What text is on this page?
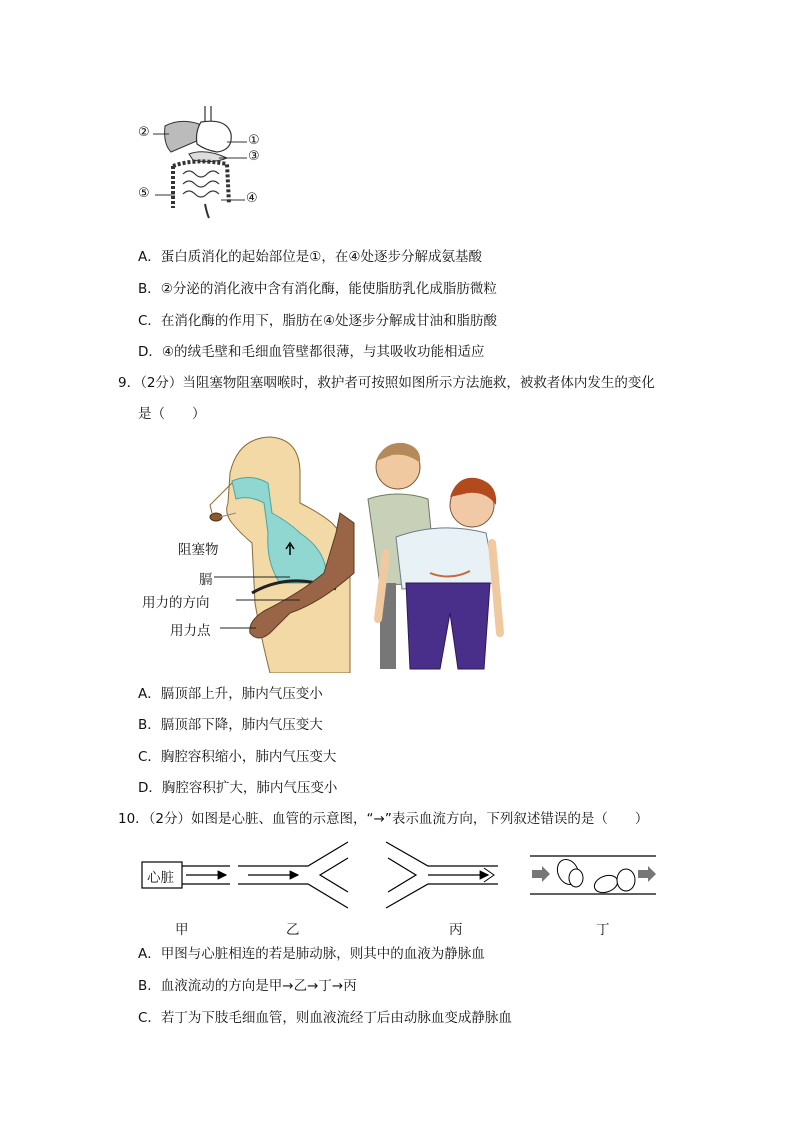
①
②
③
④
⑤
A．蛋白质消化的起始部位是①，在④处逐步分解成氨基酸
B．②分泌的消化液中含有消化酶，能使脂肪乳化成脂肪微粒
C．在消化酶的作用下，脂肪在④处逐步分解成甘油和脂肪酸
D．④的绒毛壁和毛细血管壁都很薄，与其吸收功能相适应
9．（2分）当阻塞物阻塞咽喉时，救护者可按照如图所示方法施救，被救者体内发生的变化
是（　　）
阻塞物
膈
用力的方向
用力点
A．膈顶部上升，肺内气压变小
B．膈顶部下降，肺内气压变大
C．胸腔容积缩小，肺内气压变大
D．胸腔容积扩大，肺内气压变小
10．（2分）如图是心脏、血管的示意图，“→”表示血流方向，下列叙述错误的是（　　）
心脏
甲	乙	丙	丁
A．甲图与心脏相连的若是肺动脉，则其中的血液为静脉血
B．血液流动的方向是甲→乙→丁→丙
C．若丁为下肢毛细血管，则血液流经丁后由动脉血变成静脉血
